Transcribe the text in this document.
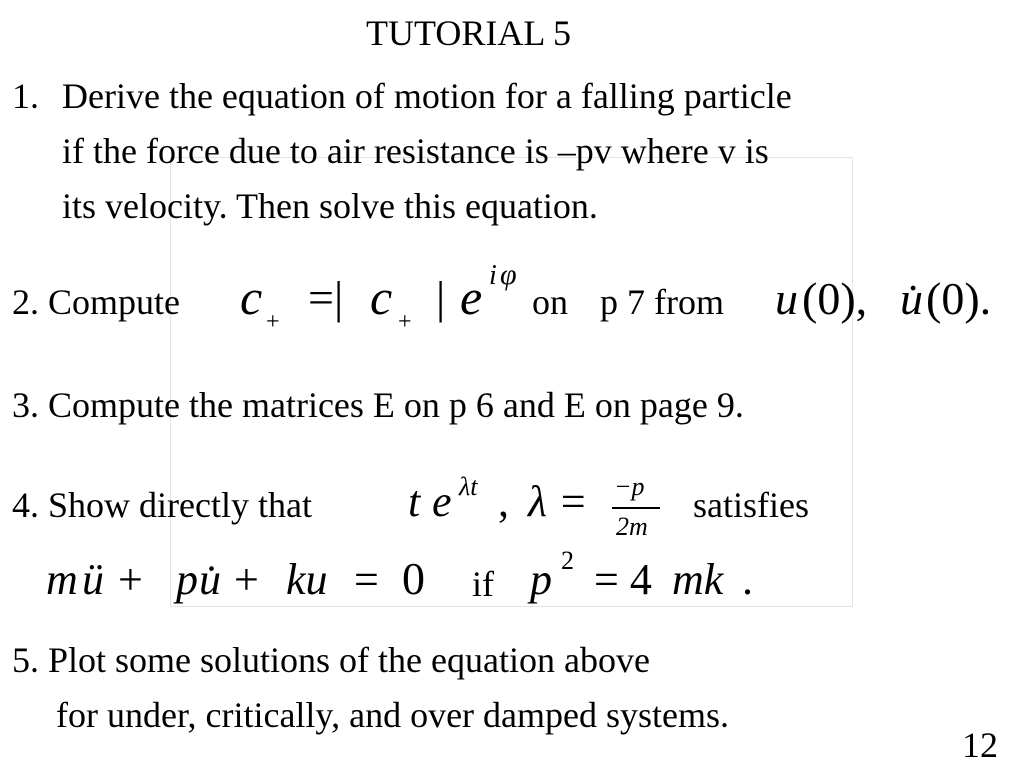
TUTORIAL 5
1. Derive the equation of motion for a falling particle
if the force due to air resistance is –pv where v is
its velocity. Then solve this equation.
2. Compute c + =| c + | e i φ
on p 7 from u (0), u̇ (0).
3. Compute the matrices E on p 6 and E on page 9.
4. Show directly that t e λt , λ = −p
2m
satisfies
m ü + p u̇ + ku = 0 if p 2 = 4 mk .
5. Plot some solutions of the equation above
for under, critically, and over damped systems.
12
